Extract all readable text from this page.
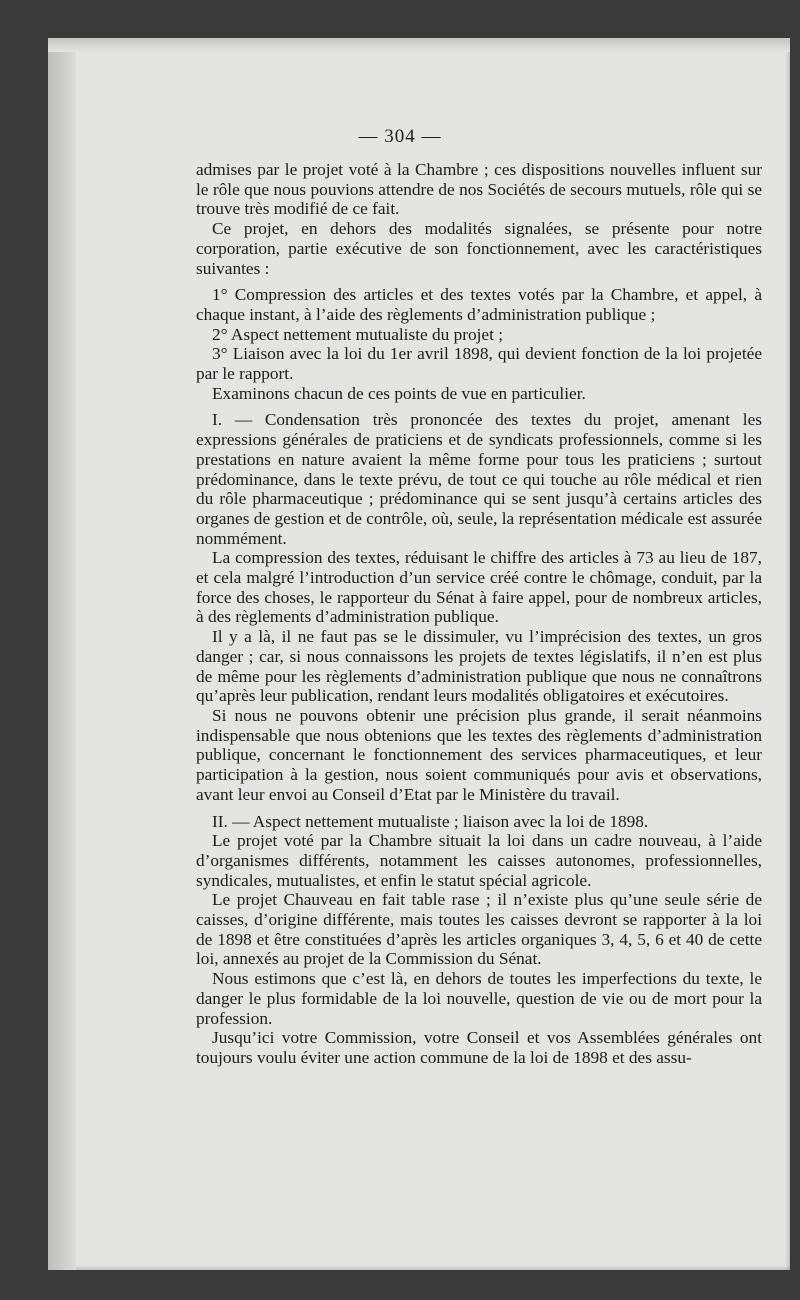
— 304 —

admises par le projet voté à la Chambre ; ces dispositions nouvelles influent sur le rôle que nous pouvions attendre de nos Sociétés de secours mutuels, rôle qui se trouve très modifié de ce fait.

Ce projet, en dehors des modalités signalées, se présente pour notre corporation, partie exécutive de son fonctionnement, avec les caractéristiques suivantes :

1° Compression des articles et des textes votés par la Chambre, et appel, à chaque instant, à l’aide des règlements d’administration publique ;

2° Aspect nettement mutualiste du projet ;

3° Liaison avec la loi du 1er avril 1898, qui devient fonction de la loi projetée par le rapport.

Examinons chacun de ces points de vue en particulier.

I. — Condensation très prononcée des textes du projet, amenant les expressions générales de praticiens et de syndicats professionnels, comme si les prestations en nature avaient la même forme pour tous les praticiens ; surtout prédominance, dans le texte prévu, de tout ce qui touche au rôle médical et rien du rôle pharmaceutique ; prédominance qui se sent jusqu’à certains articles des organes de gestion et de contrôle, où, seule, la représentation médicale est assurée nommément.

La compression des textes, réduisant le chiffre des articles à 73 au lieu de 187, et cela malgré l’introduction d’un service créé contre le chômage, conduit, par la force des choses, le rapporteur du Sénat à faire appel, pour de nombreux articles, à des règlements d’administration publique.

Il y a là, il ne faut pas se le dissimuler, vu l’imprécision des textes, un gros danger ; car, si nous connaissons les projets de textes législatifs, il n’en est plus de même pour les règlements d’administration publique que nous ne connaîtrons qu’après leur publication, rendant leurs modalités obligatoires et exécutoires.

Si nous ne pouvons obtenir une précision plus grande, il serait néanmoins indispensable que nous obtenions que les textes des règlements d’administration publique, concernant le fonctionnement des services pharmaceutiques, et leur participation à la gestion, nous soient communiqués pour avis et observations, avant leur envoi au Conseil d’Etat par le Ministère du travail.

II. — Aspect nettement mutualiste ; liaison avec la loi de 1898.

Le projet voté par la Chambre situait la loi dans un cadre nouveau, à l’aide d’organismes différents, notamment les caisses autonomes, professionnelles, syndicales, mutualistes, et enfin le statut spécial agricole.

Le projet Chauveau en fait table rase ; il n’existe plus qu’une seule série de caisses, d’origine différente, mais toutes les caisses devront se rapporter à la loi de 1898 et être constituées d’après les articles organiques 3, 4, 5, 6 et 40 de cette loi, annexés au projet de la Commission du Sénat.

Nous estimons que c’est là, en dehors de toutes les imperfections du texte, le danger le plus formidable de la loi nouvelle, question de vie ou de mort pour la profession.

Jusqu’ici votre Commission, votre Conseil et vos Assemblées générales ont toujours voulu éviter une action commune de la loi de 1898 et des assu-
